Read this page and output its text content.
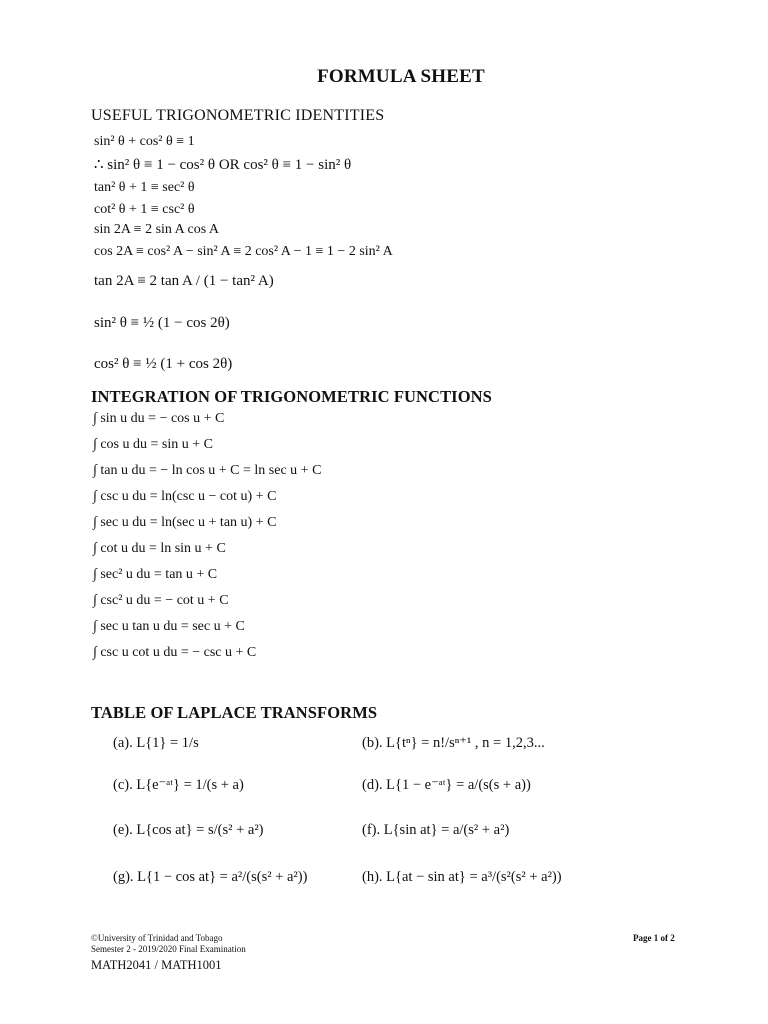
FORMULA SHEET
USEFUL TRIGONOMETRIC IDENTITIES
sin² θ + cos² θ ≡ 1
∴ sin² θ ≡ 1 − cos² θ OR cos² θ ≡ 1 − sin² θ
tan² θ + 1 ≡ sec² θ
cot² θ + 1 ≡ csc² θ
sin 2A ≡ 2 sin A cos A
cos 2A ≡ cos² A − sin² A ≡ 2 cos² A − 1 ≡ 1 − 2 sin² A
tan 2A ≡ 2 tan A / (1 − tan² A)
sin² θ ≡ ½ (1 − cos 2θ)
cos² θ ≡ ½ (1 + cos 2θ)
INTEGRATION OF TRIGONOMETRIC FUNCTIONS
∫ sin u du = − cos u + C
∫ cos u du = sin u + C
∫ tan u du = − ln cos u + C = ln sec u + C
∫ csc u du = ln(csc u − cot u) + C
∫ sec u du = ln(sec u + tan u) + C
∫ cot u du = ln sin u + C
∫ sec² u du = tan u + C
∫ csc² u du = − cot u + C
∫ sec u tan u du = sec u + C
∫ csc u cot u du = − csc u + C
TABLE OF LAPLACE TRANSFORMS
(a). L{1} = 1/s	(b). L{tⁿ} = n!/sⁿ⁺¹ , n = 1,2,3...
(c). L{e⁻ᵃᵗ} = 1/(s + a)	(d). L{1 − e⁻ᵃᵗ} = a/(s(s + a))
(e). L{cos at} = s/(s² + a²)	(f). L{sin at} = a/(s² + a²)
(g). L{1 − cos at} = a²/(s(s² + a²))	(h). L{at − sin at} = a³/(s²(s² + a²))
©University of Trinidad and Tobago
Semester 2 - 2019/2020 Final Examination
MATH2041 / MATH1001
Page 1 of 2
